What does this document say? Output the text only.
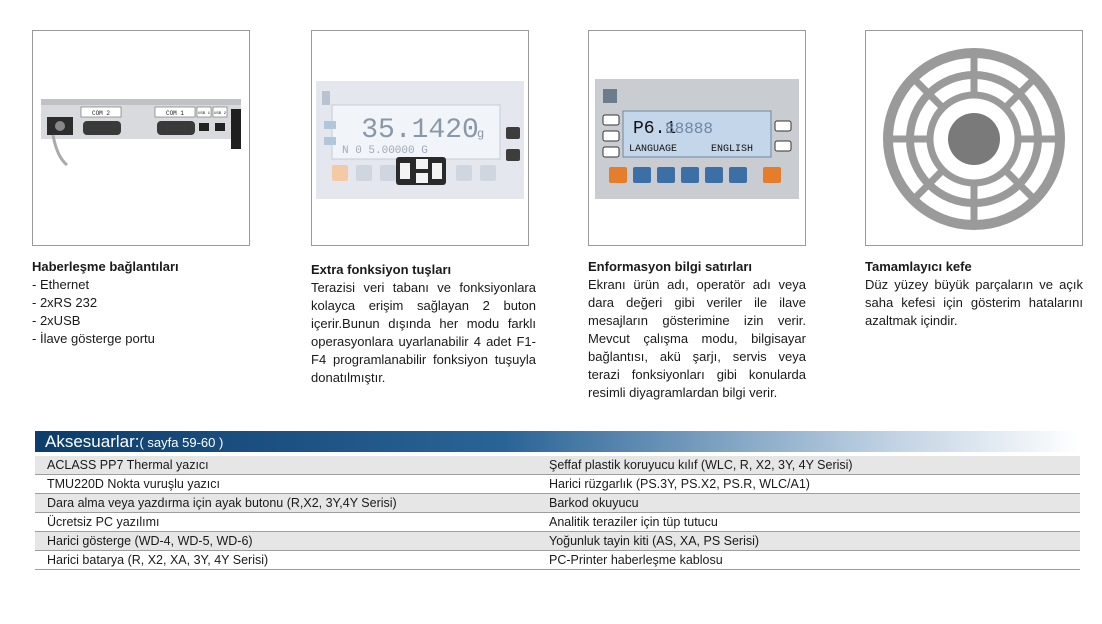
COM 2	COM 1	USB 1 USB 2
35.1420
g
N 0 5.00000 G
P6.1
88888
LANGUAGE	ENGLISH
Haberleşme bağlantıları
- Ethernet
- 2xRS 232
- 2xUSB
- İlave gösterge portu
Extra fonksiyon tuşları

Terazisi veri tabanı ve fonksiyonlara kolayca erişim sağlayan 2 buton içerir.Bunun dışında her modu farklı operasyonlara uyarlanabilir 4 adet F1-F4 programlanabilir fonksiyon tuşuyla donatılmıştır.

Enformasyon bilgi satırları

Ekranı ürün adı, operatör adı veya dara değeri gibi veriler ile ilave mesajların gösterimine izin verir. Mevcut çalışma modu, bilgisayar bağlantısı, akü şarjı, servis veya terazi fonksiyonları gibi konularda resimli diyagramlardan bilgi verir.

Tamamlayıcı kefe

Düz yüzey büyük parçaların ve açık saha kefesi için gösterim hatalarını azaltmak içindir.

Aksesuarlar:( sayfa 59-60 )
ACLASS PP7 Thermal yazıcı	Şeffaf plastik koruyucu kılıf (WLC, R, X2, 3Y, 4Y Serisi)
TMU220D Nokta vuruşlu yazıcı	Harici rüzgarlık (PS.3Y, PS.X2, PS.R, WLC/A1)
Dara alma veya yazdırma için ayak butonu (R,X2, 3Y,4Y Serisi)	Barkod okuyucu
Ücretsiz PC yazılımı	Analitik teraziler için tüp tutucu
Harici gösterge (WD-4, WD-5, WD-6)	Yoğunluk tayin kiti (AS, XA, PS Serisi)
Harici batarya (R, X2, XA, 3Y, 4Y Serisi)	PC-Printer haberleşme kablosu
